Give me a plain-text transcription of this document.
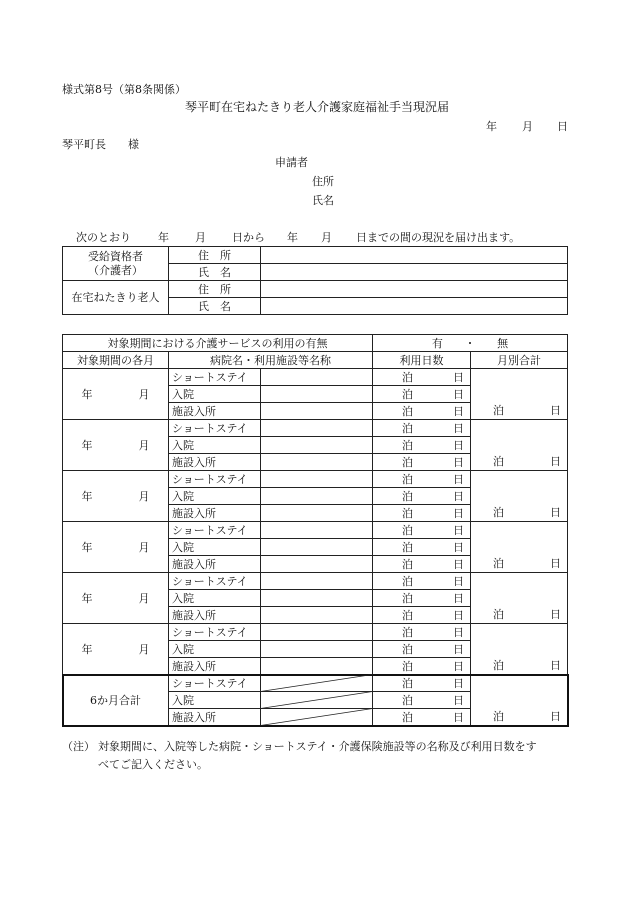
様式第8号（第8条関係）
琴平町在宅ねたきり老人介護家庭福祉手当現況届
年 月 日
琴平町長　　様
申請者
住所
氏名
次のとおり 年 月 日から 年 月 日までの間の現況を届け出ます。
受給資格者
（介護者）	住　所	
	氏　名	
在宅ねたきり老人	住　所	
	氏　名	
対象期間における介護サービスの利用の有無			有 ・ 無	

対象期間の各月	病院名・利用施設等名称		利用日数	月別合計
年 月	ショートステイ		泊 日	泊 日
	入院		泊 日	
	施設入所		泊 日	
年 月	ショートステイ		泊 日	泊 日
	入院		泊 日	
	施設入所		泊 日	
年 月	ショートステイ		泊 日	泊 日
	入院		泊 日	
	施設入所		泊 日	
年 月	ショートステイ		泊 日	泊 日
	入院		泊 日	
	施設入所		泊 日	
年 月	ショートステイ		泊 日	泊 日
	入院		泊 日	
	施設入所		泊 日	
年 月	ショートステイ		泊 日	泊 日
	入院		泊 日	
	施設入所		泊 日	
6か月合計	ショートステイ		泊 日	泊 日
	入院		泊 日	
	施設入所		泊 日	
（注） 対象期間に、入院等した病院・ショートステイ・介護保険施設等の名称及び利用日数をす
べてご記入ください。
